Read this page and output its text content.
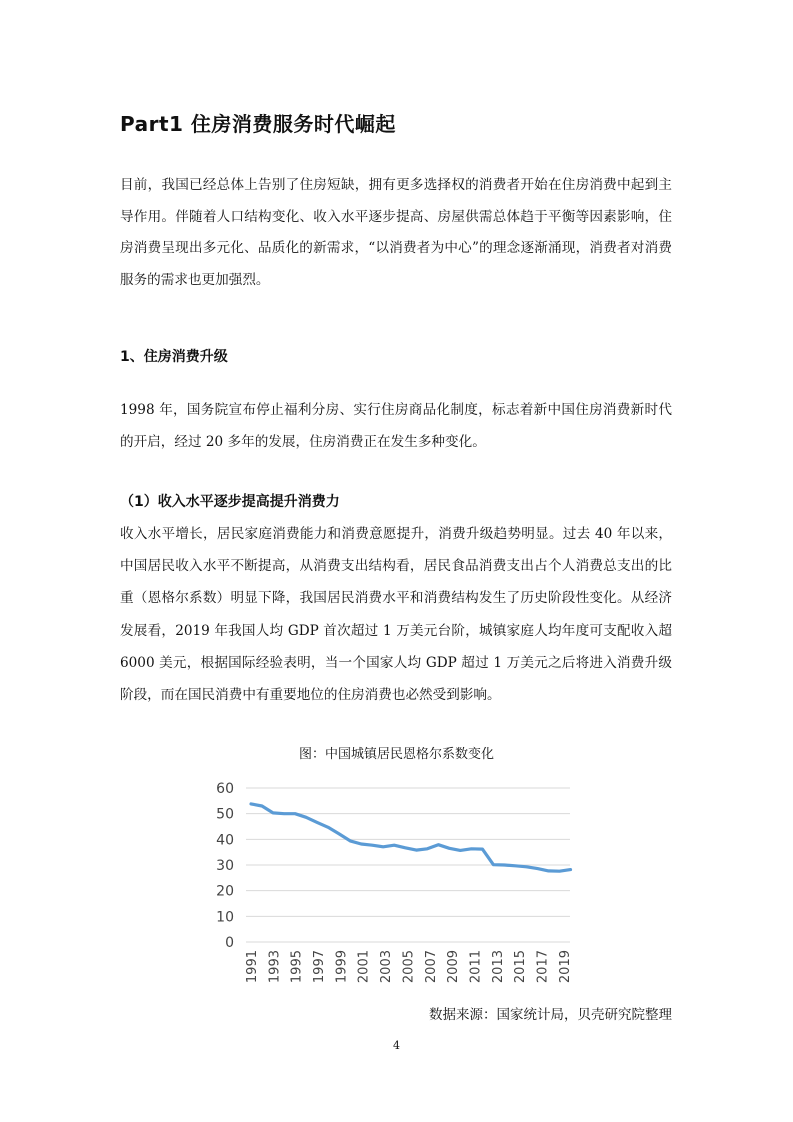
Part1 住房消费服务时代崛起

目前，我国已经总体上告别了住房短缺，拥有更多选择权的消费者开始在住房消费中起到主导作用。伴随着人口结构变化、收入水平逐步提高、房屋供需总体趋于平衡等因素影响，住房消费呈现出多元化、品质化的新需求，“以消费者为中心”的理念逐渐涌现，消费者对消费服务的需求也更加强烈。

1、住房消费升级

1998 年，国务院宣布停止福利分房、实行住房商品化制度，标志着新中国住房消费新时代的开启，经过 20 多年的发展，住房消费正在发生多种变化。

（1）收入水平逐步提高提升消费力

收入水平增长，居民家庭消费能力和消费意愿提升，消费升级趋势明显。过去 40 年以来，中国居民收入水平不断提高，从消费支出结构看，居民食品消费支出占个人消费总支出的比重（恩格尔系数）明显下降，我国居民消费水平和消费结构发生了历史阶段性变化。从经济发展看，2019 年我国人均 GDP 首次超过 1 万美元台阶，城镇家庭人均年度可支配收入超 6000 美元，根据国际经验表明，当一个国家人均 GDP 超过 1 万美元之后将进入消费升级阶段，而在国民消费中有重要地位的住房消费也必然受到影响。

图：中国城镇居民恩格尔系数变化
0
10
20
30
40
50
60
1991 1993 1995 1997 1999 2001 2003 2005 2007 2009 2011 2013 2015 2017 2019
数据来源：国家统计局，贝壳研究院整理
4
